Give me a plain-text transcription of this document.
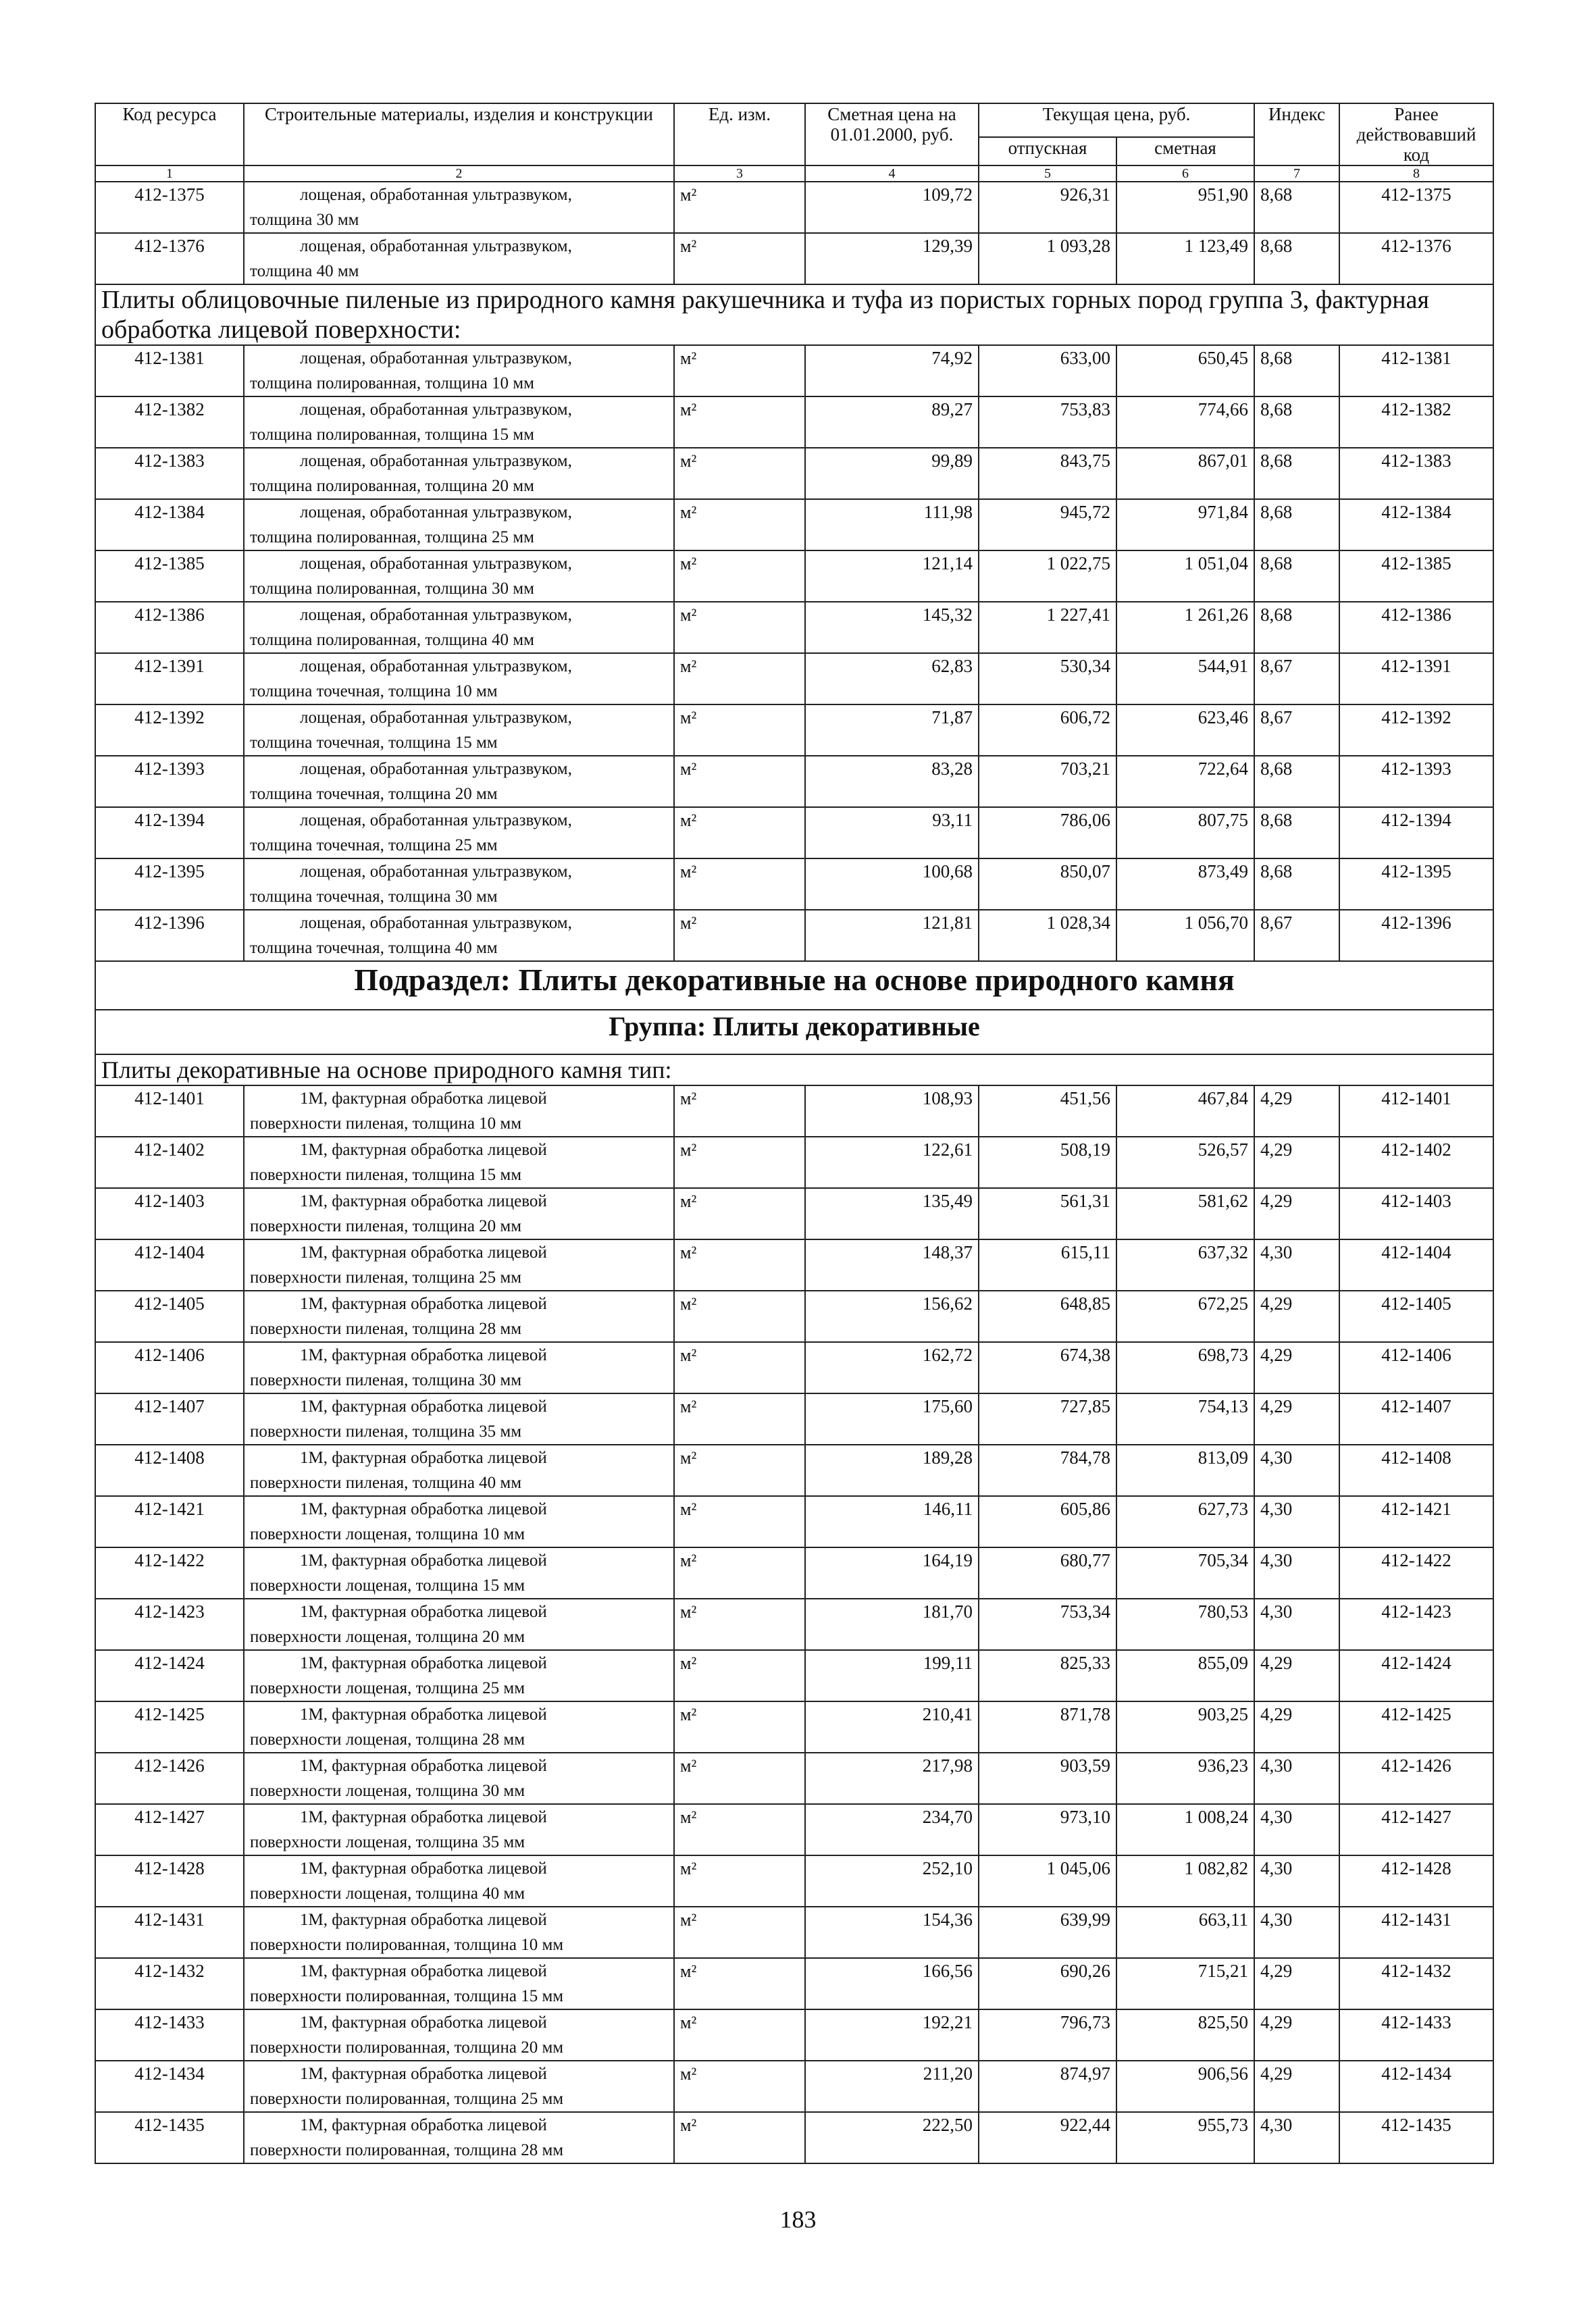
Код ресурса	Строительные материалы, изделия и конструкции	Ед. изм.	Сметная цена на 01.01.2000, руб.	Текущая цена, руб.		Индекс	Ранее действовавший код
				отпускная	сметная		
1	2	3	4	5	6	7	8
412-1375	лощеная, обработанная ультразвуком,
толщина 30 мм	м²	109,72	926,31	951,90	8,68	412-1375
412-1376	лощеная, обработанная ультразвуком,
толщина 40 мм	м²	129,39	1 093,28	1 123,49	8,68	412-1376
Плиты облицовочные пиленые из природного камня ракушечника и туфа из пористых горных пород группа 3, фактурная обработка лицевой поверхности:							
412-1381	лощеная, обработанная ультразвуком,
толщина полированная, толщина 10 мм	м²	74,92	633,00	650,45	8,68	412-1381
412-1382	лощеная, обработанная ультразвуком,
толщина полированная, толщина 15 мм	м²	89,27	753,83	774,66	8,68	412-1382
412-1383	лощеная, обработанная ультразвуком,
толщина полированная, толщина 20 мм	м²	99,89	843,75	867,01	8,68	412-1383
412-1384	лощеная, обработанная ультразвуком,
толщина полированная, толщина 25 мм	м²	111,98	945,72	971,84	8,68	412-1384
412-1385	лощеная, обработанная ультразвуком,
толщина полированная, толщина 30 мм	м²	121,14	1 022,75	1 051,04	8,68	412-1385
412-1386	лощеная, обработанная ультразвуком,
толщина полированная, толщина 40 мм	м²	145,32	1 227,41	1 261,26	8,68	412-1386
412-1391	лощеная, обработанная ультразвуком,
толщина точечная, толщина 10 мм	м²	62,83	530,34	544,91	8,67	412-1391
412-1392	лощеная, обработанная ультразвуком,
толщина точечная, толщина 15 мм	м²	71,87	606,72	623,46	8,67	412-1392
412-1393	лощеная, обработанная ультразвуком,
толщина точечная, толщина 20 мм	м²	83,28	703,21	722,64	8,68	412-1393
412-1394	лощеная, обработанная ультразвуком,
толщина точечная, толщина 25 мм	м²	93,11	786,06	807,75	8,68	412-1394
412-1395	лощеная, обработанная ультразвуком,
толщина точечная, толщина 30 мм	м²	100,68	850,07	873,49	8,68	412-1395
412-1396	лощеная, обработанная ультразвуком,
толщина точечная, толщина 40 мм	м²	121,81	1 028,34	1 056,70	8,67	412-1396
Подраздел: Плиты декоративные на основе природного камня							
Группа: Плиты декоративные							
Плиты декоративные на основе природного камня тип:							
412-1401	1М, фактурная обработка лицевой
поверхности пиленая, толщина 10 мм	м²	108,93	451,56	467,84	4,29	412-1401
412-1402	1М, фактурная обработка лицевой
поверхности пиленая, толщина 15 мм	м²	122,61	508,19	526,57	4,29	412-1402
412-1403	1М, фактурная обработка лицевой
поверхности пиленая, толщина 20 мм	м²	135,49	561,31	581,62	4,29	412-1403
412-1404	1М, фактурная обработка лицевой
поверхности пиленая, толщина 25 мм	м²	148,37	615,11	637,32	4,30	412-1404
412-1405	1М, фактурная обработка лицевой
поверхности пиленая, толщина 28 мм	м²	156,62	648,85	672,25	4,29	412-1405
412-1406	1М, фактурная обработка лицевой
поверхности пиленая, толщина 30 мм	м²	162,72	674,38	698,73	4,29	412-1406
412-1407	1М, фактурная обработка лицевой
поверхности пиленая, толщина 35 мм	м²	175,60	727,85	754,13	4,29	412-1407
412-1408	1М, фактурная обработка лицевой
поверхности пиленая, толщина 40 мм	м²	189,28	784,78	813,09	4,30	412-1408
412-1421	1М, фактурная обработка лицевой
поверхности лощеная, толщина 10 мм	м²	146,11	605,86	627,73	4,30	412-1421
412-1422	1М, фактурная обработка лицевой
поверхности лощеная, толщина 15 мм	м²	164,19	680,77	705,34	4,30	412-1422
412-1423	1М, фактурная обработка лицевой
поверхности лощеная, толщина 20 мм	м²	181,70	753,34	780,53	4,30	412-1423
412-1424	1М, фактурная обработка лицевой
поверхности лощеная, толщина 25 мм	м²	199,11	825,33	855,09	4,29	412-1424
412-1425	1М, фактурная обработка лицевой
поверхности лощеная, толщина 28 мм	м²	210,41	871,78	903,25	4,29	412-1425
412-1426	1М, фактурная обработка лицевой
поверхности лощеная, толщина 30 мм	м²	217,98	903,59	936,23	4,30	412-1426
412-1427	1М, фактурная обработка лицевой
поверхности лощеная, толщина 35 мм	м²	234,70	973,10	1 008,24	4,30	412-1427
412-1428	1М, фактурная обработка лицевой
поверхности лощеная, толщина 40 мм	м²	252,10	1 045,06	1 082,82	4,30	412-1428
412-1431	1М, фактурная обработка лицевой
поверхности полированная, толщина 10 мм	м²	154,36	639,99	663,11	4,30	412-1431
412-1432	1М, фактурная обработка лицевой
поверхности полированная, толщина 15 мм	м²	166,56	690,26	715,21	4,29	412-1432
412-1433	1М, фактурная обработка лицевой
поверхности полированная, толщина 20 мм	м²	192,21	796,73	825,50	4,29	412-1433
412-1434	1М, фактурная обработка лицевой
поверхности полированная, толщина 25 мм	м²	211,20	874,97	906,56	4,29	412-1434
412-1435	1М, фактурная обработка лицевой
поверхности полированная, толщина 28 мм	м²	222,50	922,44	955,73	4,30	412-1435
183
